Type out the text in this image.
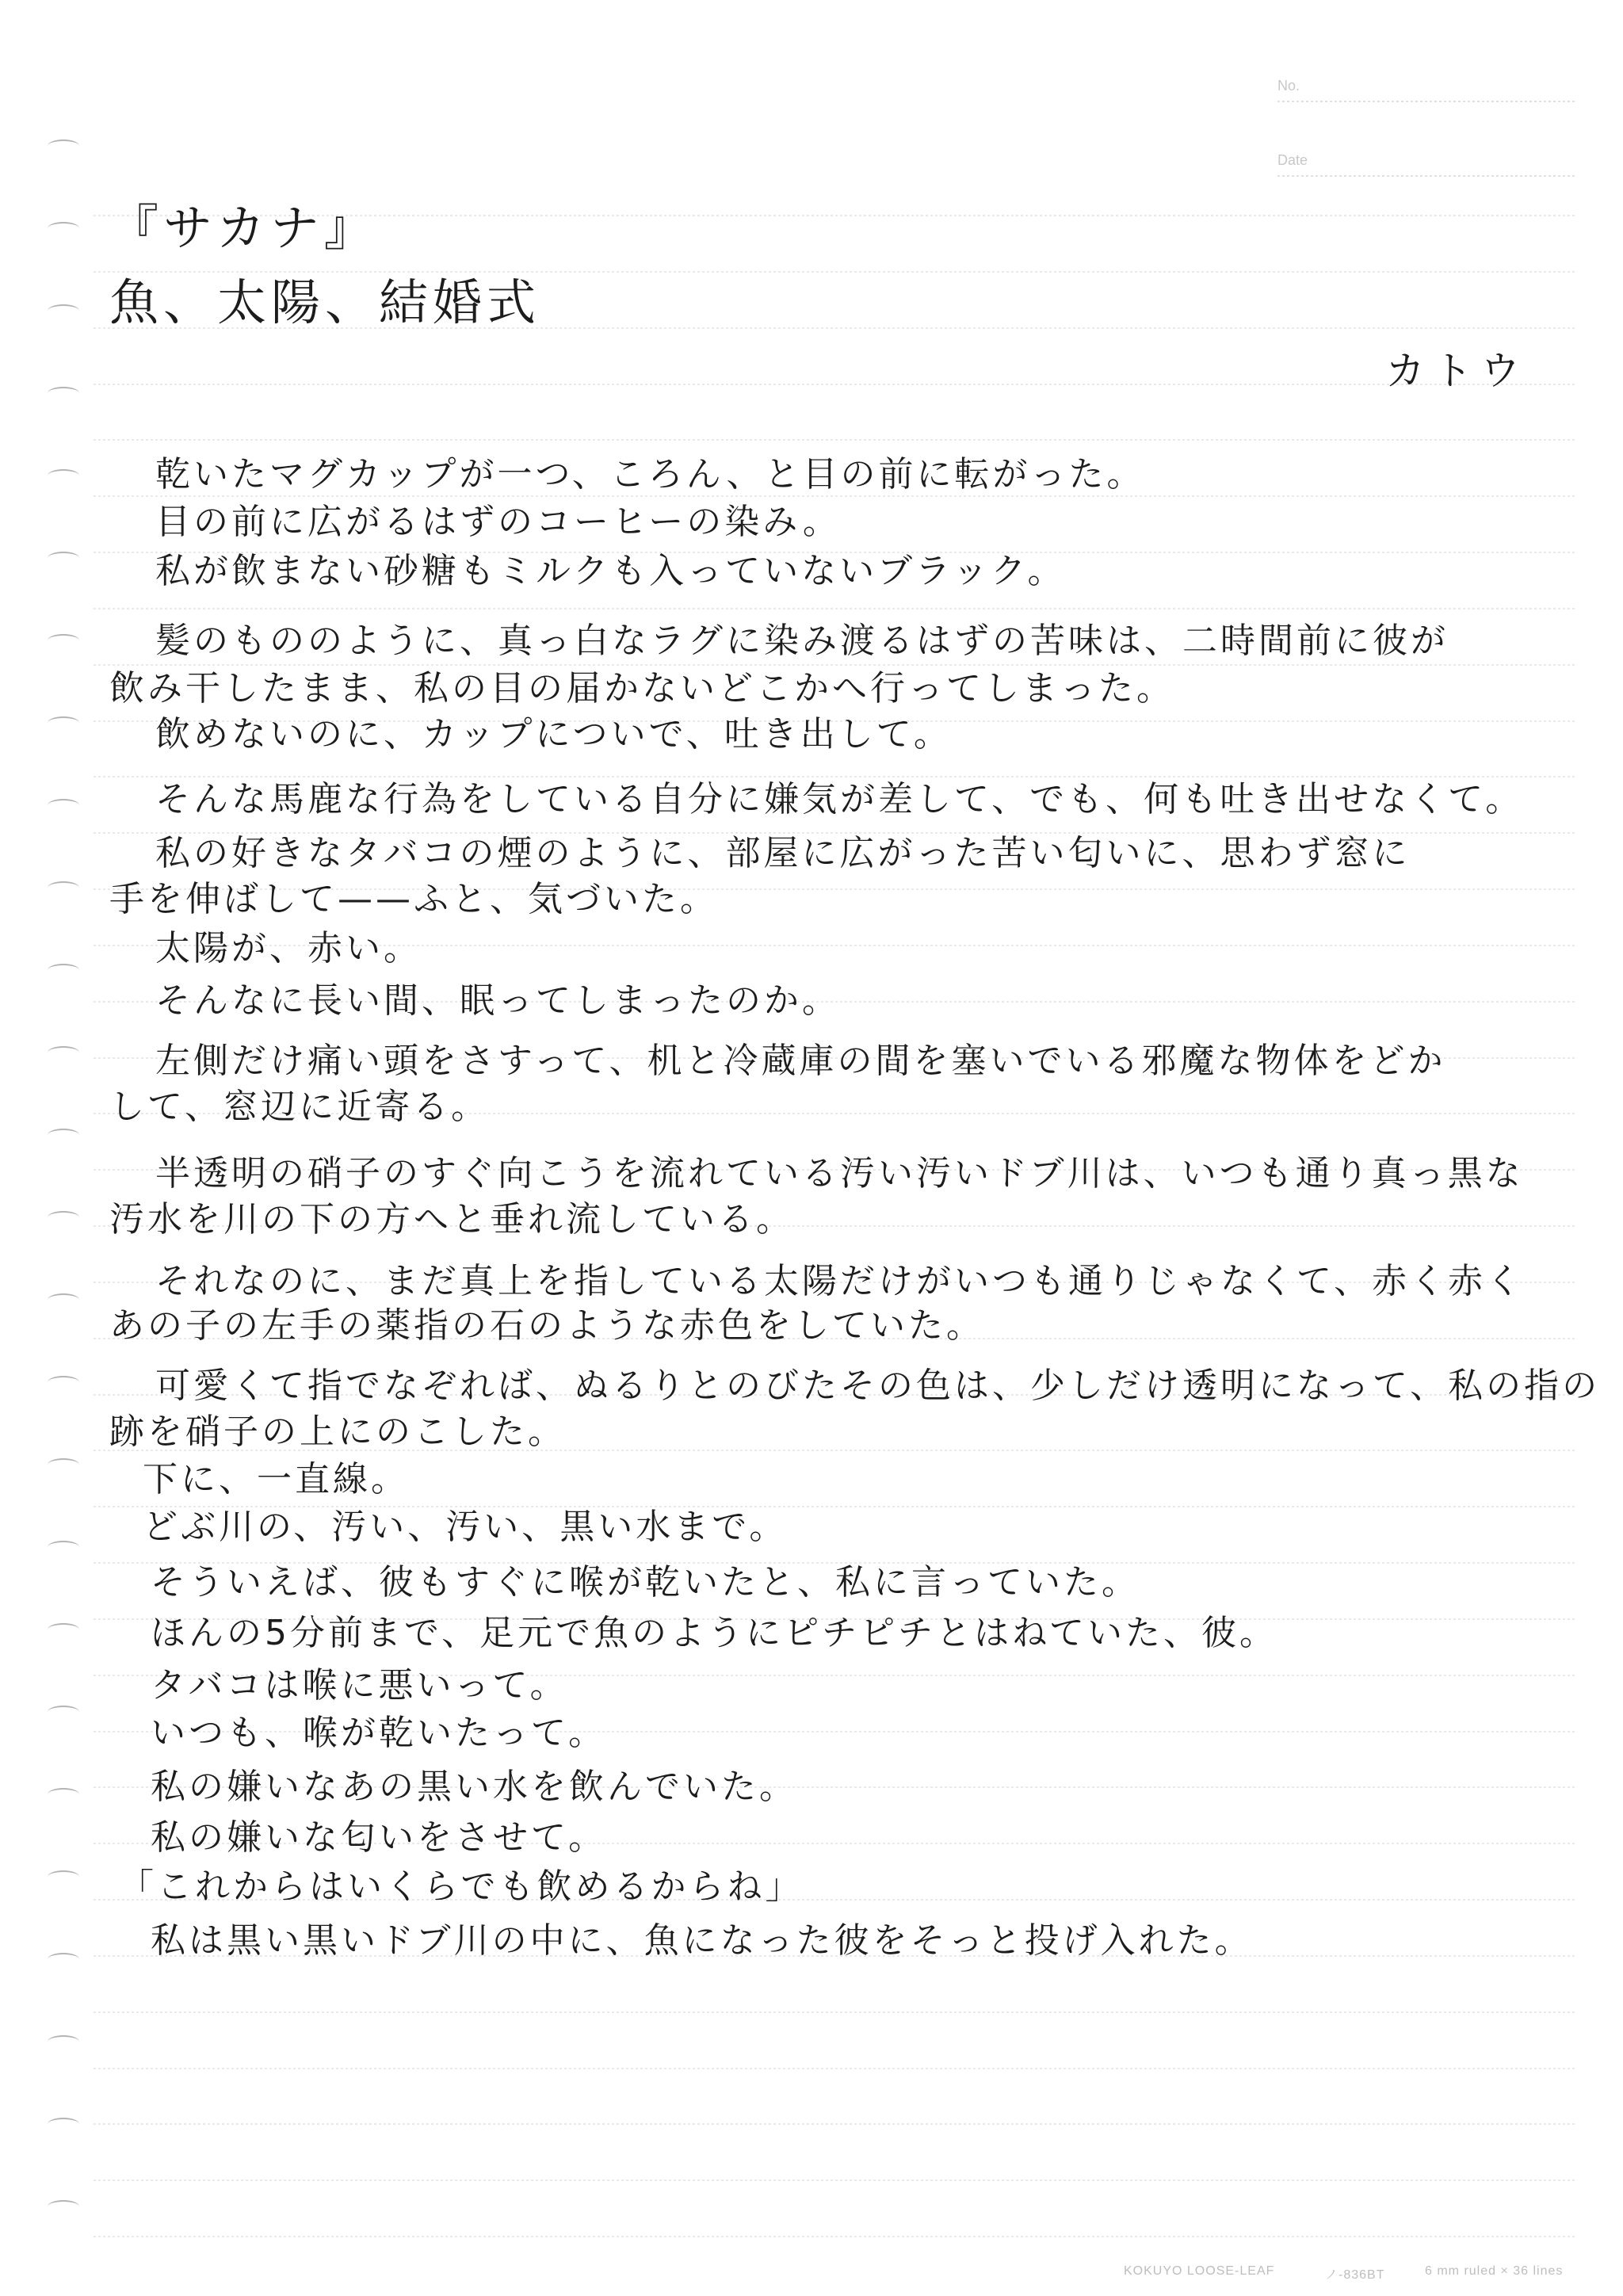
No.
Date
『サカナ』
魚、太陽、結婚式
カトウ
乾いたマグカップが一つ、ころん、と目の前に転がった。
目の前に広がるはずのコーヒーの染み。
私が飲まない砂糖もミルクも入っていないブラック。
髪のもののように、真っ白なラグに染み渡るはずの苦味は、二時間前に彼が
飲み干したまま、私の目の届かないどこかへ行ってしまった。
飲めないのに、カップについで、吐き出して。
そんな馬鹿な行為をしている自分に嫌気が差して、でも、何も吐き出せなくて。
私の好きなタバコの煙のように、部屋に広がった苦い匂いに、思わず窓に
手を伸ばして——ふと、気づいた。
太陽が、赤い。
そんなに長い間、眠ってしまったのか。
左側だけ痛い頭をさすって、机と冷蔵庫の間を塞いでいる邪魔な物体をどか
して、窓辺に近寄る。
半透明の硝子のすぐ向こうを流れている汚い汚いドブ川は、いつも通り真っ黒な
汚水を川の下の方へと垂れ流している。
それなのに、まだ真上を指している太陽だけがいつも通りじゃなくて、赤く赤く
あの子の左手の薬指の石のような赤色をしていた。
可愛くて指でなぞれば、ぬるりとのびたその色は、少しだけ透明になって、私の指の
跡を硝子の上にのこした。
下に、一直線。
どぶ川の、汚い、汚い、黒い水まで。
そういえば、彼もすぐに喉が乾いたと、私に言っていた。
ほんの5分前まで、足元で魚のようにピチピチとはねていた、彼。
タバコは喉に悪いって。
いつも、喉が乾いたって。
私の嫌いなあの黒い水を飲んでいた。
私の嫌いな匂いをさせて。
「これからはいくらでも飲めるからね」
私は黒い黒いドブ川の中に、魚になった彼をそっと投げ入れた。
KOKUYO LOOSE-LEAF	ノ-836BT	6 mm ruled × 36 lines
